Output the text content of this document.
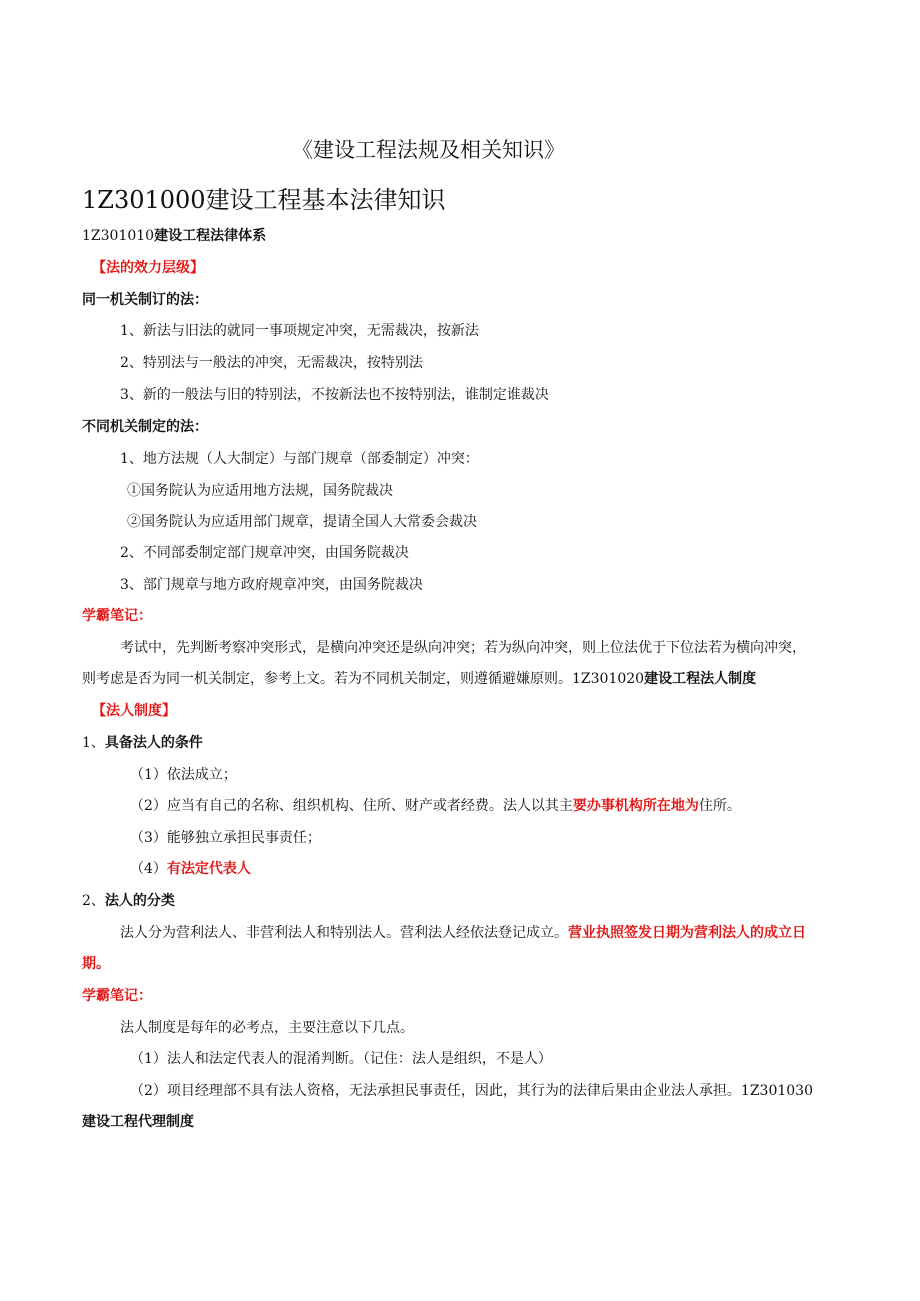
《建设工程法规及相关知识》
1Z301000建设工程基本法律知识
1Z301010建设工程法律体系
【法的效力层级】
同一机关制订的法：
1、新法与旧法的就同一事项规定冲突，无需裁决，按新法
2、特别法与一般法的冲突，无需裁决，按特别法
3、新的一般法与旧的特别法，不按新法也不按特别法，谁制定谁裁决
不同机关制定的法：
1、地方法规（人大制定）与部门规章（部委制定）冲突：
①国务院认为应适用地方法规，国务院裁决
②国务院认为应适用部门规章，提请全国人大常委会裁决
2、不同部委制定部门规章冲突，由国务院裁决
3、部门规章与地方政府规章冲突，由国务院裁决
学霸笔记：
考试中，先判断考察冲突形式，是横向冲突还是纵向冲突；若为纵向冲突，则上位法优于下位法若为横向冲突，
则考虑是否为同一机关制定，参考上文。若为不同机关制定，则遵循避嫌原则。1Z301020建设工程法人制度
【法人制度】
1、具备法人的条件
（1）依法成立；
（2）应当有自己的名称、组织机构、住所、财产或者经费。法人以其主要办事机构所在地为住所。
（3）能够独立承担民事责任；
（4）有法定代表人
2、法人的分类
法人分为营利法人、非营利法人和特别法人。营利法人经依法登记成立。营业执照签发日期为营利法人的成立日
期。
学霸笔记：
法人制度是每年的必考点，主要注意以下几点。
（1）法人和法定代表人的混淆判断。（记住：法人是组织，不是人）
（2）项目经理部不具有法人资格，无法承担民事责任，因此，其行为的法律后果由企业法人承担。1Z301030
建设工程代理制度
